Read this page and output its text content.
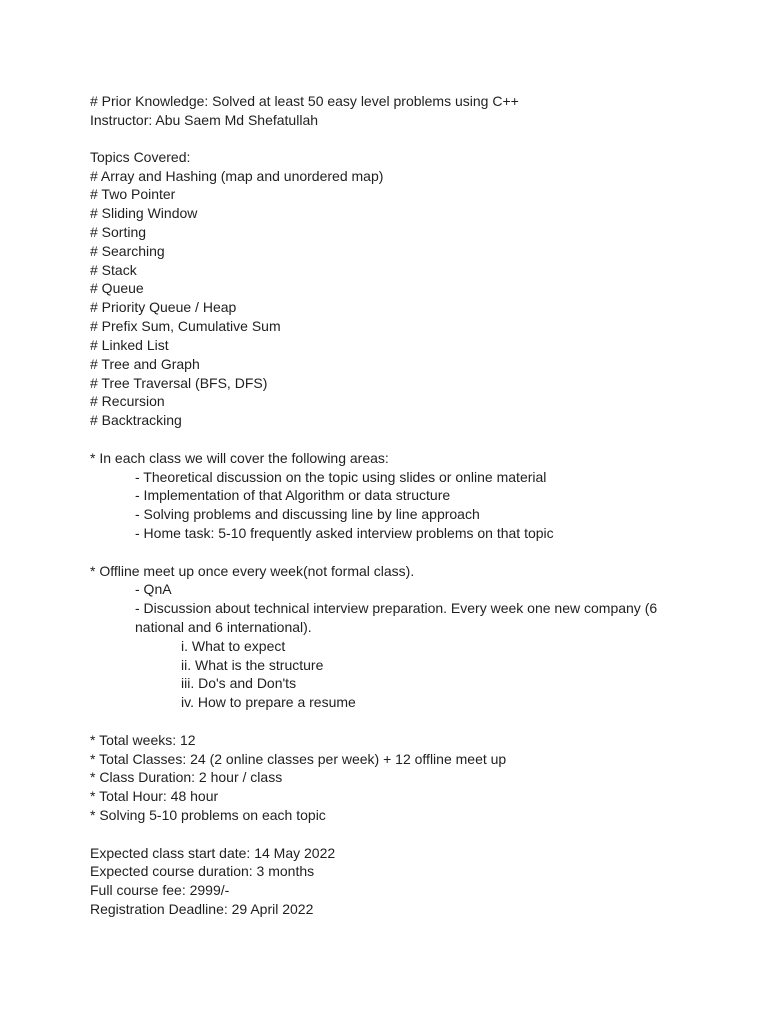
# Prior Knowledge: Solved at least 50 easy level problems using C++
Instructor: Abu Saem Md Shefatullah
Topics Covered:
# Array and Hashing (map and unordered map)
# Two Pointer
# Sliding Window
# Sorting
# Searching
# Stack
# Queue
# Priority Queue / Heap
# Prefix Sum, Cumulative Sum
# Linked List
# Tree and Graph
# Tree Traversal (BFS, DFS)
# Recursion
# Backtracking
* In each class we will cover the following areas:
- Theoretical discussion on the topic using slides or online material
- Implementation of that Algorithm or data structure
- Solving problems and discussing line by line approach
- Home task: 5-10 frequently asked interview problems on that topic
* Offline meet up once every week(not formal class).
- QnA
- Discussion about technical interview preparation. Every week one new company (6
national and 6 international).
i. What to expect
ii. What is the structure
iii. Do's and Don'ts
iv. How to prepare a resume
* Total weeks: 12
* Total Classes: 24 (2 online classes per week) + 12 offline meet up
* Class Duration: 2 hour / class
* Total Hour: 48 hour
* Solving 5-10 problems on each topic
Expected class start date: 14 May 2022
Expected course duration: 3 months
Full course fee: 2999/-
Registration Deadline: 29 April 2022
